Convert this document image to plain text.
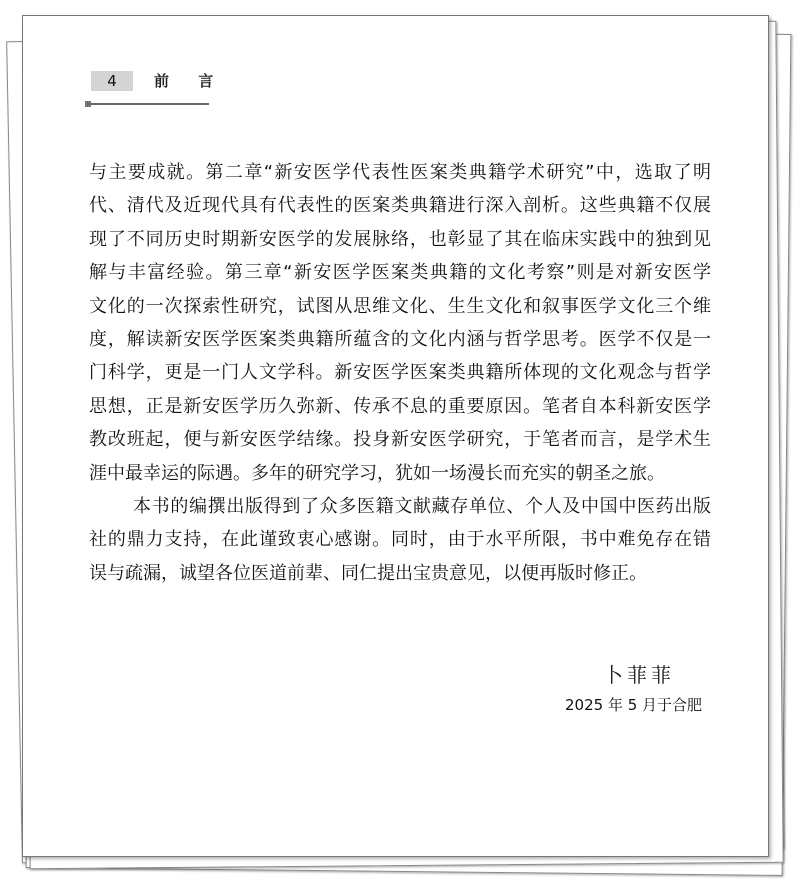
4	前 言
与主要成就。第二章“新安医学代表性医案类典籍学术研究”中，选取了明
代、清代及近现代具有代表性的医案类典籍进行深入剖析。这些典籍不仅展
现了不同历史时期新安医学的发展脉络，也彰显了其在临床实践中的独到见
解与丰富经验。第三章“新安医学医案类典籍的文化考察”则是对新安医学
文化的一次探索性研究，试图从思维文化、生生文化和叙事医学文化三个维
度，解读新安医学医案类典籍所蕴含的文化内涵与哲学思考。医学不仅是一
门科学，更是一门人文学科。新安医学医案类典籍所体现的文化观念与哲学
思想，正是新安医学历久弥新、传承不息的重要原因。笔者自本科新安医学
教改班起，便与新安医学结缘。投身新安医学研究，于笔者而言，是学术生
涯中最幸运的际遇。多年的研究学习，犹如一场漫长而充实的朝圣之旅。
本书的编撰出版得到了众多医籍文献藏存单位、个人及中国中医药出版
社的鼎力支持，在此谨致衷心感谢。同时，由于水平所限，书中难免存在错
误与疏漏，诚望各位医道前辈、同仁提出宝贵意见，以便再版时修正。
卜菲菲
2025 年 5 月于合肥
